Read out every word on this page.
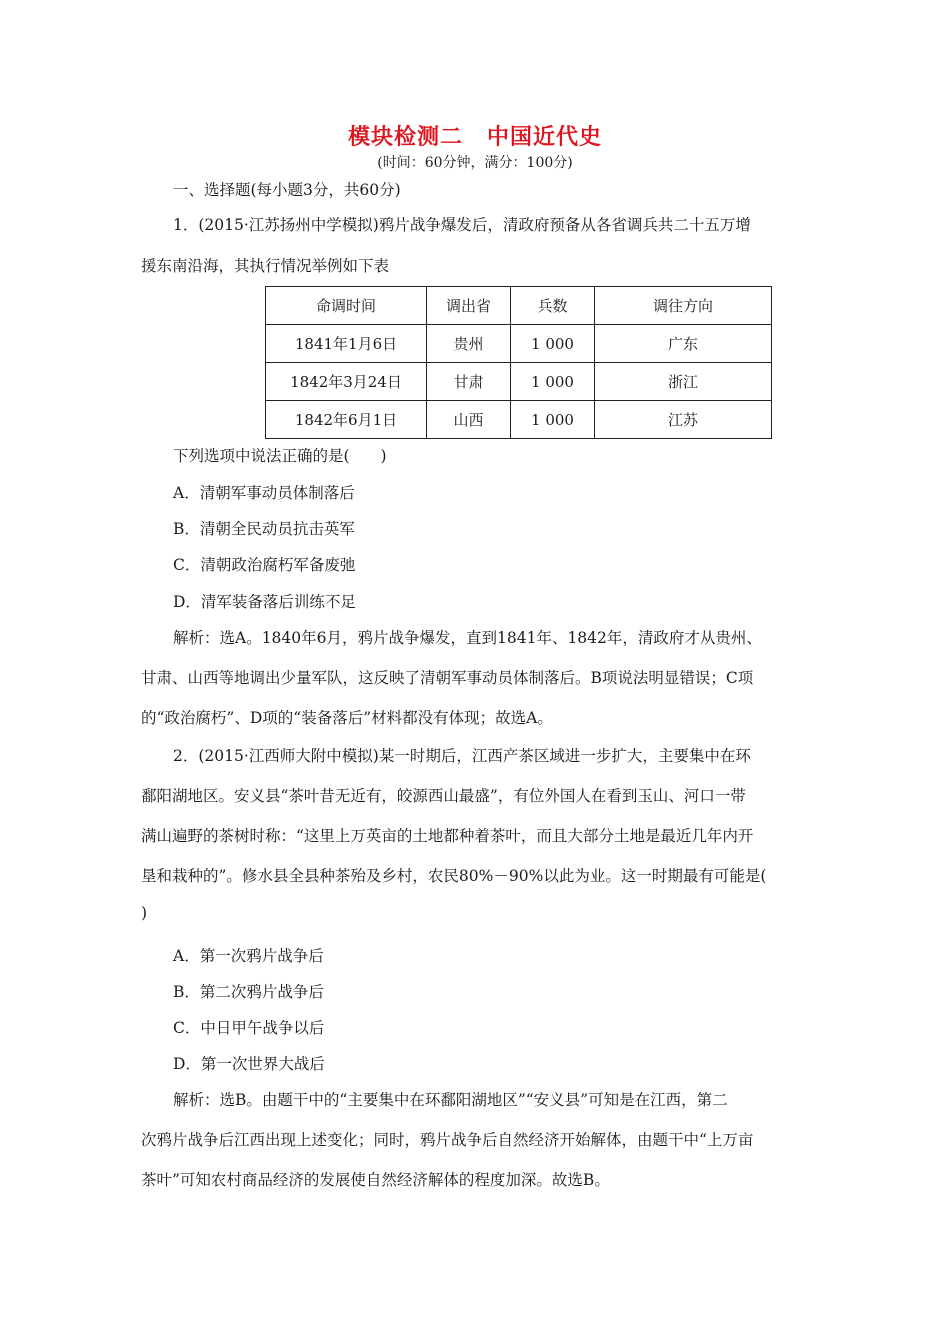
模块检测二 中国近代史
(时间：60分钟，满分：100分)
一、选择题(每小题3分，共60分)
1．(2015·江苏扬州中学模拟)鸦片战争爆发后，清政府预备从各省调兵共二十五万增
援东南沿海，其执行情况举例如下表
命调时间	调出省	兵数	调往方向
1841年1月6日	贵州	1 000	广东
1842年3月24日	甘肃	1 000	浙江
1842年6月1日	山西	1 000	江苏
下列选项中说法正确的是(　　)
A．清朝军事动员体制落后
B．清朝全民动员抗击英军
C．清朝政治腐朽军备废弛
D．清军装备落后训练不足
解析：选A。1840年6月，鸦片战争爆发，直到1841年、1842年，清政府才从贵州、
甘肃、山西等地调出少量军队，这反映了清朝军事动员体制落后。B项说法明显错误；C项
的“政治腐朽”、D项的“装备落后”材料都没有体现；故选A。
2．(2015·江西师大附中模拟)某一时期后，江西产茶区域进一步扩大，主要集中在环
鄱阳湖地区。安义县“茶叶昔无近有，皎源西山最盛”，有位外国人在看到玉山、河口一带
满山遍野的茶树时称：“这里上万英亩的土地都种着茶叶，而且大部分土地是最近几年内开
垦和栽种的”。修水县全县种茶殆及乡村，农民80%－90%以此为业。这一时期最有可能是(
)
A．第一次鸦片战争后
B．第二次鸦片战争后
C．中日甲午战争以后
D．第一次世界大战后
解析：选B。由题干中的“主要集中在环鄱阳湖地区”“安义县”可知是在江西，第二
次鸦片战争后江西出现上述变化；同时，鸦片战争后自然经济开始解体，由题干中“上万亩
茶叶”可知农村商品经济的发展使自然经济解体的程度加深。故选B。
